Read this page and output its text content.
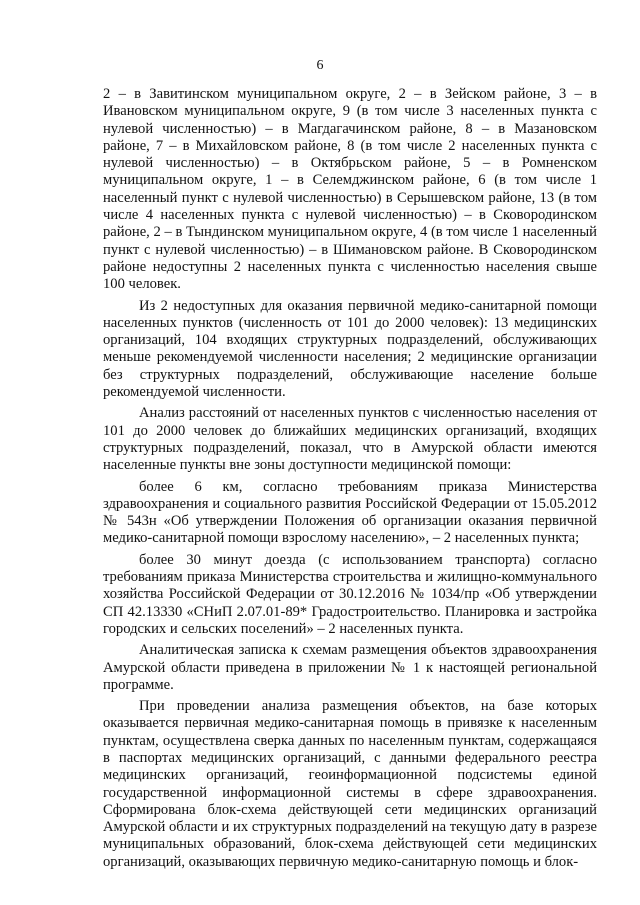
6

2 – в Завитинском муниципальном округе, 2 – в Зейском районе, 3 – в Ивановском муниципальном округе, 9 (в том числе 3 населенных пункта с нулевой численностью) – в Магдагачинском районе, 8 – в Мазановском районе, 7 – в Михайловском районе, 8 (в том числе 2 населенных пункта с нулевой численностью) – в Октябрьском районе, 5 – в Ромненском муниципальном округе, 1 – в Селемджинском районе, 6 (в том числе 1 населенный пункт с нулевой численностью) в Серышевском районе, 13 (в том числе 4 населенных пункта с нулевой численностью) – в Сковородинском районе, 2 – в Тындинском муниципальном округе, 4 (в том числе 1 населенный пункт с нулевой численностью) – в Шимановском районе. В Сковородинском районе недоступны 2 населенных пункта с численностью населения свыше 100 человек.

Из 2 недоступных для оказания первичной медико-санитарной помощи населенных пунктов (численность от 101 до 2000 человек): 13 медицинских организаций, 104 входящих структурных подразделений, обслуживающих меньше рекомендуемой численности населения; 2 медицинские организации без структурных подразделений, обслуживающие население больше рекомендуемой численности.

Анализ расстояний от населенных пунктов с численностью населения от 101 до 2000 человек до ближайших медицинских организаций, входящих структурных подразделений, показал, что в Амурской области имеются населенные пункты вне зоны доступности медицинской помощи:

более 6 км, согласно требованиям приказа Министерства здравоохранения и социального развития Российской Федерации от 15.05.2012 № 543н «Об утверждении Положения об организации оказания первичной медико-санитарной помощи взрослому населению», – 2 населенных пункта;

более 30 минут доезда (с использованием транспорта) согласно требованиям приказа Министерства строительства и жилищно-коммунального хозяйства Российской Федерации от 30.12.2016 № 1034/пр «Об утверждении СП 42.13330 «СНиП 2.07.01-89* Градостроительство. Планировка и застройка городских и сельских поселений» – 2 населенных пункта.

Аналитическая записка к схемам размещения объектов здравоохранения Амурской области приведена в приложении № 1 к настоящей региональной программе.

При проведении анализа размещения объектов, на базе которых оказывается первичная медико-санитарная помощь в привязке к населенным пунктам, осуществлена сверка данных по населенным пунктам, содержащаяся в паспортах медицинских организаций, с данными федерального реестра медицинских организаций, геоинформационной подсистемы единой государственной информационной системы в сфере здравоохранения. Сформирована блок-схема действующей сети медицинских организаций Амурской области и их структурных подразделений на текущую дату в разрезе муниципальных образований, блок-схема действующей сети медицинских организаций, оказывающих первичную медико-санитарную помощь и блок-
